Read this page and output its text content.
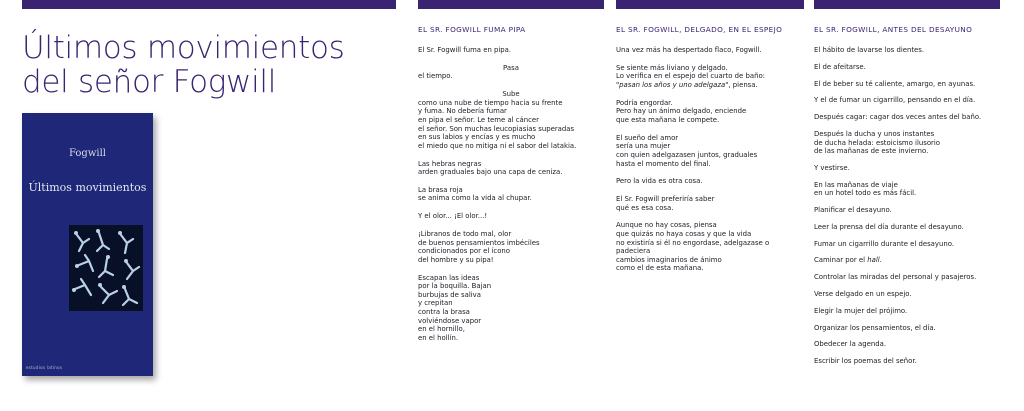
Últimos movimientos
del señor Fogwill
Fogwill
Últimos movimientos
estudios latinos
EL SR. FOGWILL FUMA PIPA

El Sr. Fogwill fuma en pipa.

Pasa

el tiempo.

Sube

como una nube de tiempo hacia su frente
y fuma. No debería fumar
en pipa el señor. Le teme al cáncer
el señor. Son muchas leucopiasias superadas
en sus labios y encías y es mucho
el miedo que no mitiga ni el sabor del latakia.

Las hebras negras
arden graduales bajo una capa de ceniza.

La brasa roja
se anima como la vida al chupar.

Y el olor... ¡El olor...!

¡Libranos de todo mal, olor
de buenos pensamientos imbéciles
condicionados por el ícono
del hombre y su pipa!

Escapan las ideas
por la boquilla. Bajan
burbujas de saliva
y crepitan
contra la brasa
volviéndose vapor
en el hornillo,
en el hollín.

EL SR. FOGWILL, DELGADO, EN EL ESPEJO

Una vez más ha despertado flaco, Fogwill.

Se siente más liviano y delgado.
Lo verifica en el espejo del cuarto de baño:
"pasan los años y uno adelgaza", piensa.

Podría engordar.
Pero hay un ánimo delgado, enciende
que esta mañana le compete.

El sueño del amor
sería una mujer
con quien adelgazasen juntos, graduales
hasta el momento del final.

Pero la vida es otra cosa.

El Sr. Fogwill preferiría saber
qué es esa cosa.

Aunque no hay cosas, piensa
que quizás no haya cosas y que la vida
no existiría si él no engordase, adelgazase o padeciera
cambios imaginarios de ánimo
como el de esta mañana.

EL SR. FOGWILL, ANTES DEL DESAYUNO

El hábito de lavarse los dientes.

El de afeitarse.

El de beber su té caliente, amargo, en ayunas.

Y el de fumar un cigarrillo, pensando en el día.

Después cagar: cagar dos veces antes del baño.

Después la ducha y unos instantes
de ducha helada: estoicismo ilusorio
de las mañanas de este invierno.

Y vestirse.

En las mañanas de viaje
en un hotel todo es más fácil.

Planificar el desayuno.

Leer la prensa del día durante el desayuno.

Fumar un cigarrillo durante el desayuno.

Caminar por el hall.

Controlar las miradas del personal y pasajeros.

Verse delgado en un espejo.

Elegir la mujer del prójimo.

Organizar los pensamientos, el día.

Obedecer la agenda.

Escribir los poemas del señor.
